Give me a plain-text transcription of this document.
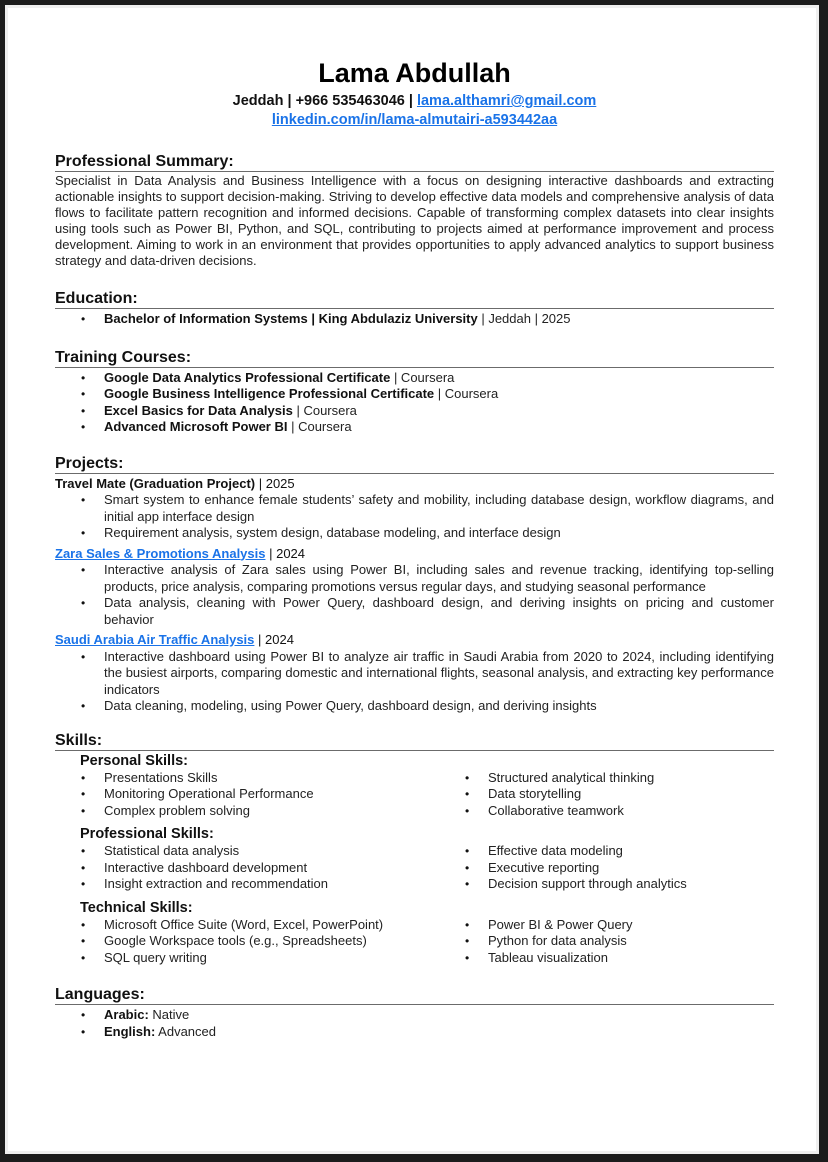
Lama Abdullah
Jeddah | +966 535463046 | lama.althamri@gmail.com
linkedin.com/in/lama-almutairi-a593442aa
Professional Summary:

Specialist in Data Analysis and Business Intelligence with a focus on designing interactive dashboards and extracting actionable insights to support decision-making. Striving to develop effective data models and comprehensive analysis of data flows to facilitate pattern recognition and informed decisions. Capable of transforming complex datasets into clear insights using tools such as Power BI, Python, and SQL, contributing to projects aimed at performance improvement and process development. Aiming to work in an environment that provides opportunities to apply advanced analytics to support business strategy and data-driven decisions.

Education:
• Bachelor of Information Systems | King Abdulaziz University | Jeddah | 2025
Training Courses:
• Google Data Analytics Professional Certificate | Coursera
• Google Business Intelligence Professional Certificate | Coursera
• Excel Basics for Data Analysis | Coursera
• Advanced Microsoft Power BI | Coursera
Projects:
Travel Mate (Graduation Project) | 2025
• Smart system to enhance female students’ safety and mobility, including database design, workflow diagrams, and initial app interface design
• Requirement analysis, system design, database modeling, and interface design
Zara Sales & Promotions Analysis | 2024
• Interactive analysis of Zara sales using Power BI, including sales and revenue tracking, identifying top-selling products, price analysis, comparing promotions versus regular days, and studying seasonal performance
• Data analysis, cleaning with Power Query, dashboard design, and deriving insights on pricing and customer behavior
Saudi Arabia Air Traffic Analysis | 2024
• Interactive dashboard using Power BI to analyze air traffic in Saudi Arabia from 2020 to 2024, including identifying the busiest airports, comparing domestic and international flights, seasonal analysis, and extracting key performance indicators
• Data cleaning, modeling, using Power Query, dashboard design, and deriving insights
Skills:
Personal Skills:
• Presentations Skills
• Monitoring Operational Performance
• Complex problem solving
• Structured analytical thinking
• Data storytelling
• Collaborative teamwork
Professional Skills:
• Statistical data analysis
• Interactive dashboard development
• Insight extraction and recommendation
• Effective data modeling
• Executive reporting
• Decision support through analytics
Technical Skills:
• Microsoft Office Suite (Word, Excel, PowerPoint)
• Google Workspace tools (e.g., Spreadsheets)
• SQL query writing
• Power BI & Power Query
• Python for data analysis
• Tableau visualization
Languages:
• Arabic: Native
• English: Advanced
